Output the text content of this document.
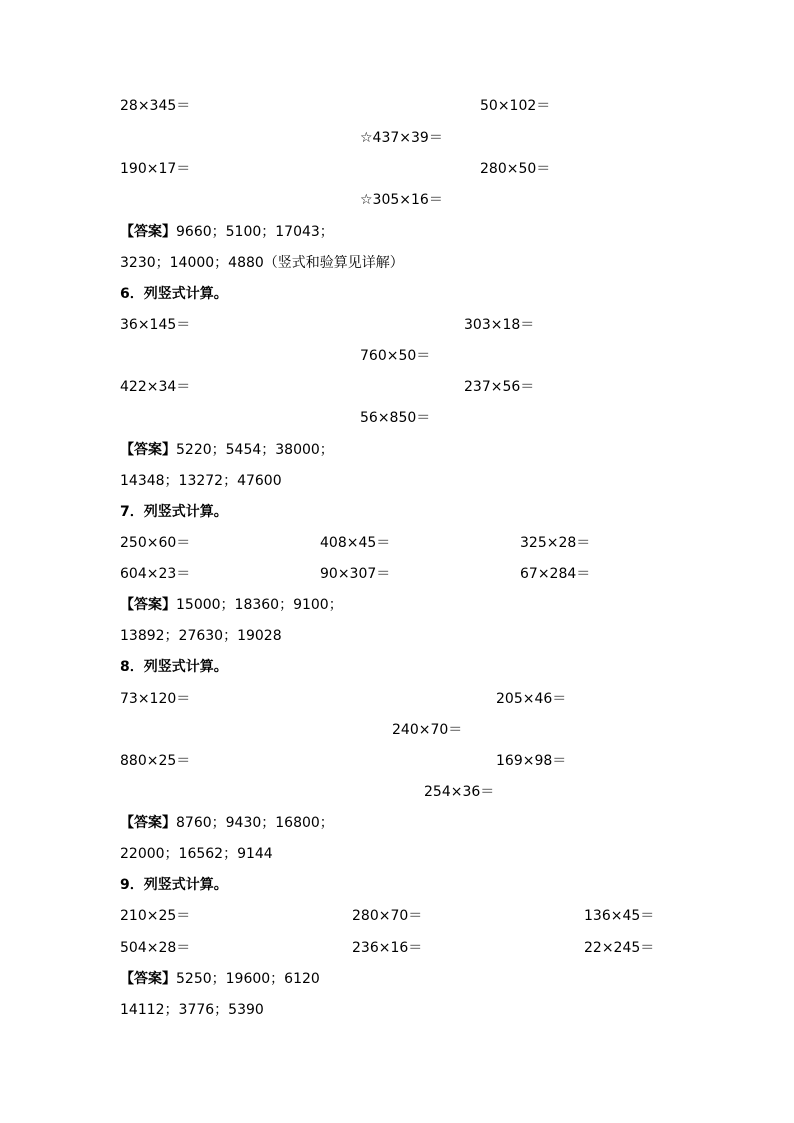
28×345＝	50×102＝
☆437×39＝
190×17＝	280×50＝
☆305×16＝
【答案】9660；5100；17043；
3230；14000；4880（竖式和验算见详解）
6．列竖式计算。
36×145＝	303×18＝
760×50＝
422×34＝	237×56＝
56×850＝
【答案】5220；5454；38000；
14348；13272；47600
7．列竖式计算。
250×60＝	408×45＝	325×28＝
604×23＝	90×307＝	67×284＝
【答案】15000；18360；9100；
13892；27630；19028
8．列竖式计算。
73×120＝	205×46＝
240×70＝
880×25＝	169×98＝
254×36＝
【答案】8760；9430；16800；
22000；16562；9144
9．列竖式计算。
210×25＝	280×70＝	136×45＝
504×28＝	236×16＝	22×245＝
【答案】5250；19600；6120
14112；3776；5390
